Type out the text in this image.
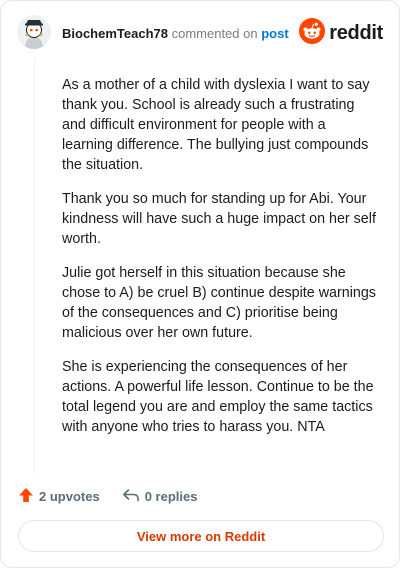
BiochemTeach78 commented on post reddit

As a mother of a child with dyslexia I want to say thank you. School is already such a frustrating and difficult environment for people with a learning difference. The bullying just compounds the situation.

Thank you so much for standing up for Abi. Your kindness will have such a huge impact on her self worth.

Julie got herself in this situation because she chose to A) be cruel B) continue despite warnings of the consequences and C) prioritise being malicious over her own future.

She is experiencing the consequences of her actions. A powerful life lesson. Continue to be the total legend you are and employ the same tactics with anyone who tries to harass you. NTA

2 upvotes	0 replies
View more on Reddit
